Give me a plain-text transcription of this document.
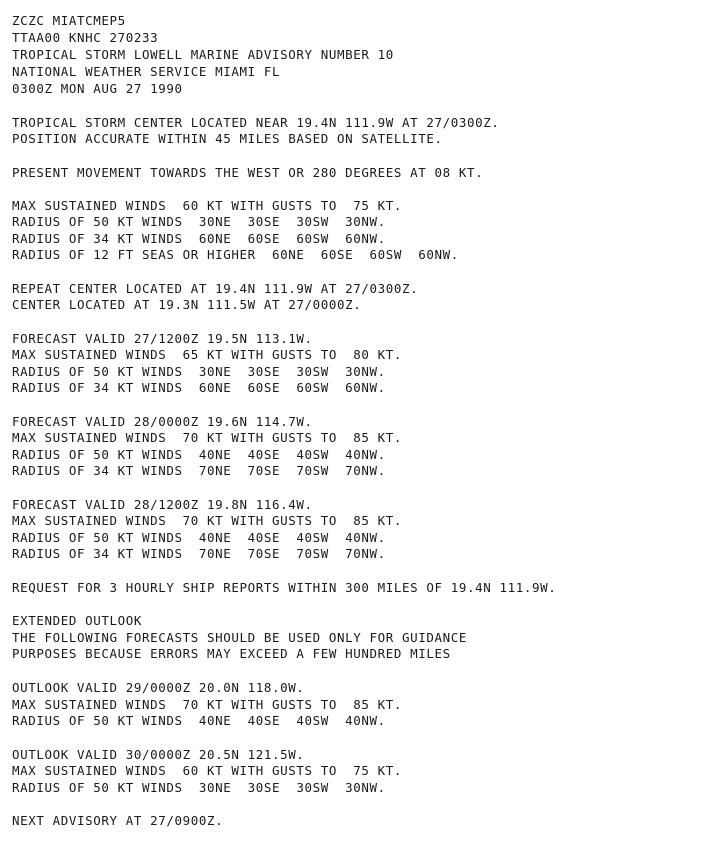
ZCZC MIATCMEP5
TTAA00 KNHC 270233
TROPICAL STORM LOWELL MARINE ADVISORY NUMBER 10
NATIONAL WEATHER SERVICE MIAMI FL
0300Z MON AUG 27 1990
TROPICAL STORM CENTER LOCATED NEAR 19.4N 111.9W AT 27/0300Z.
POSITION ACCURATE WITHIN 45 MILES BASED ON SATELLITE.
PRESENT MOVEMENT TOWARDS THE WEST OR 280 DEGREES AT 08 KT.
MAX SUSTAINED WINDS  60 KT WITH GUSTS TO  75 KT.
RADIUS OF 50 KT WINDS  30NE  30SE  30SW  30NW.
RADIUS OF 34 KT WINDS  60NE  60SE  60SW  60NW.
RADIUS OF 12 FT SEAS OR HIGHER  60NE  60SE  60SW  60NW.
REPEAT CENTER LOCATED AT 19.4N 111.9W AT 27/0300Z.
CENTER LOCATED AT 19.3N 111.5W AT 27/0000Z.
FORECAST VALID 27/1200Z 19.5N 113.1W.
MAX SUSTAINED WINDS  65 KT WITH GUSTS TO  80 KT.
RADIUS OF 50 KT WINDS  30NE  30SE  30SW  30NW.
RADIUS OF 34 KT WINDS  60NE  60SE  60SW  60NW.
FORECAST VALID 28/0000Z 19.6N 114.7W.
MAX SUSTAINED WINDS  70 KT WITH GUSTS TO  85 KT.
RADIUS OF 50 KT WINDS  40NE  40SE  40SW  40NW.
RADIUS OF 34 KT WINDS  70NE  70SE  70SW  70NW.
FORECAST VALID 28/1200Z 19.8N 116.4W.
MAX SUSTAINED WINDS  70 KT WITH GUSTS TO  85 KT.
RADIUS OF 50 KT WINDS  40NE  40SE  40SW  40NW.
RADIUS OF 34 KT WINDS  70NE  70SE  70SW  70NW.
REQUEST FOR 3 HOURLY SHIP REPORTS WITHIN 300 MILES OF 19.4N 111.9W.
EXTENDED OUTLOOK
THE FOLLOWING FORECASTS SHOULD BE USED ONLY FOR GUIDANCE
PURPOSES BECAUSE ERRORS MAY EXCEED A FEW HUNDRED MILES
OUTLOOK VALID 29/0000Z 20.0N 118.0W.
MAX SUSTAINED WINDS  70 KT WITH GUSTS TO  85 KT.
RADIUS OF 50 KT WINDS  40NE  40SE  40SW  40NW.
OUTLOOK VALID 30/0000Z 20.5N 121.5W.
MAX SUSTAINED WINDS  60 KT WITH GUSTS TO  75 KT.
RADIUS OF 50 KT WINDS  30NE  30SE  30SW  30NW.
NEXT ADVISORY AT 27/0900Z.
